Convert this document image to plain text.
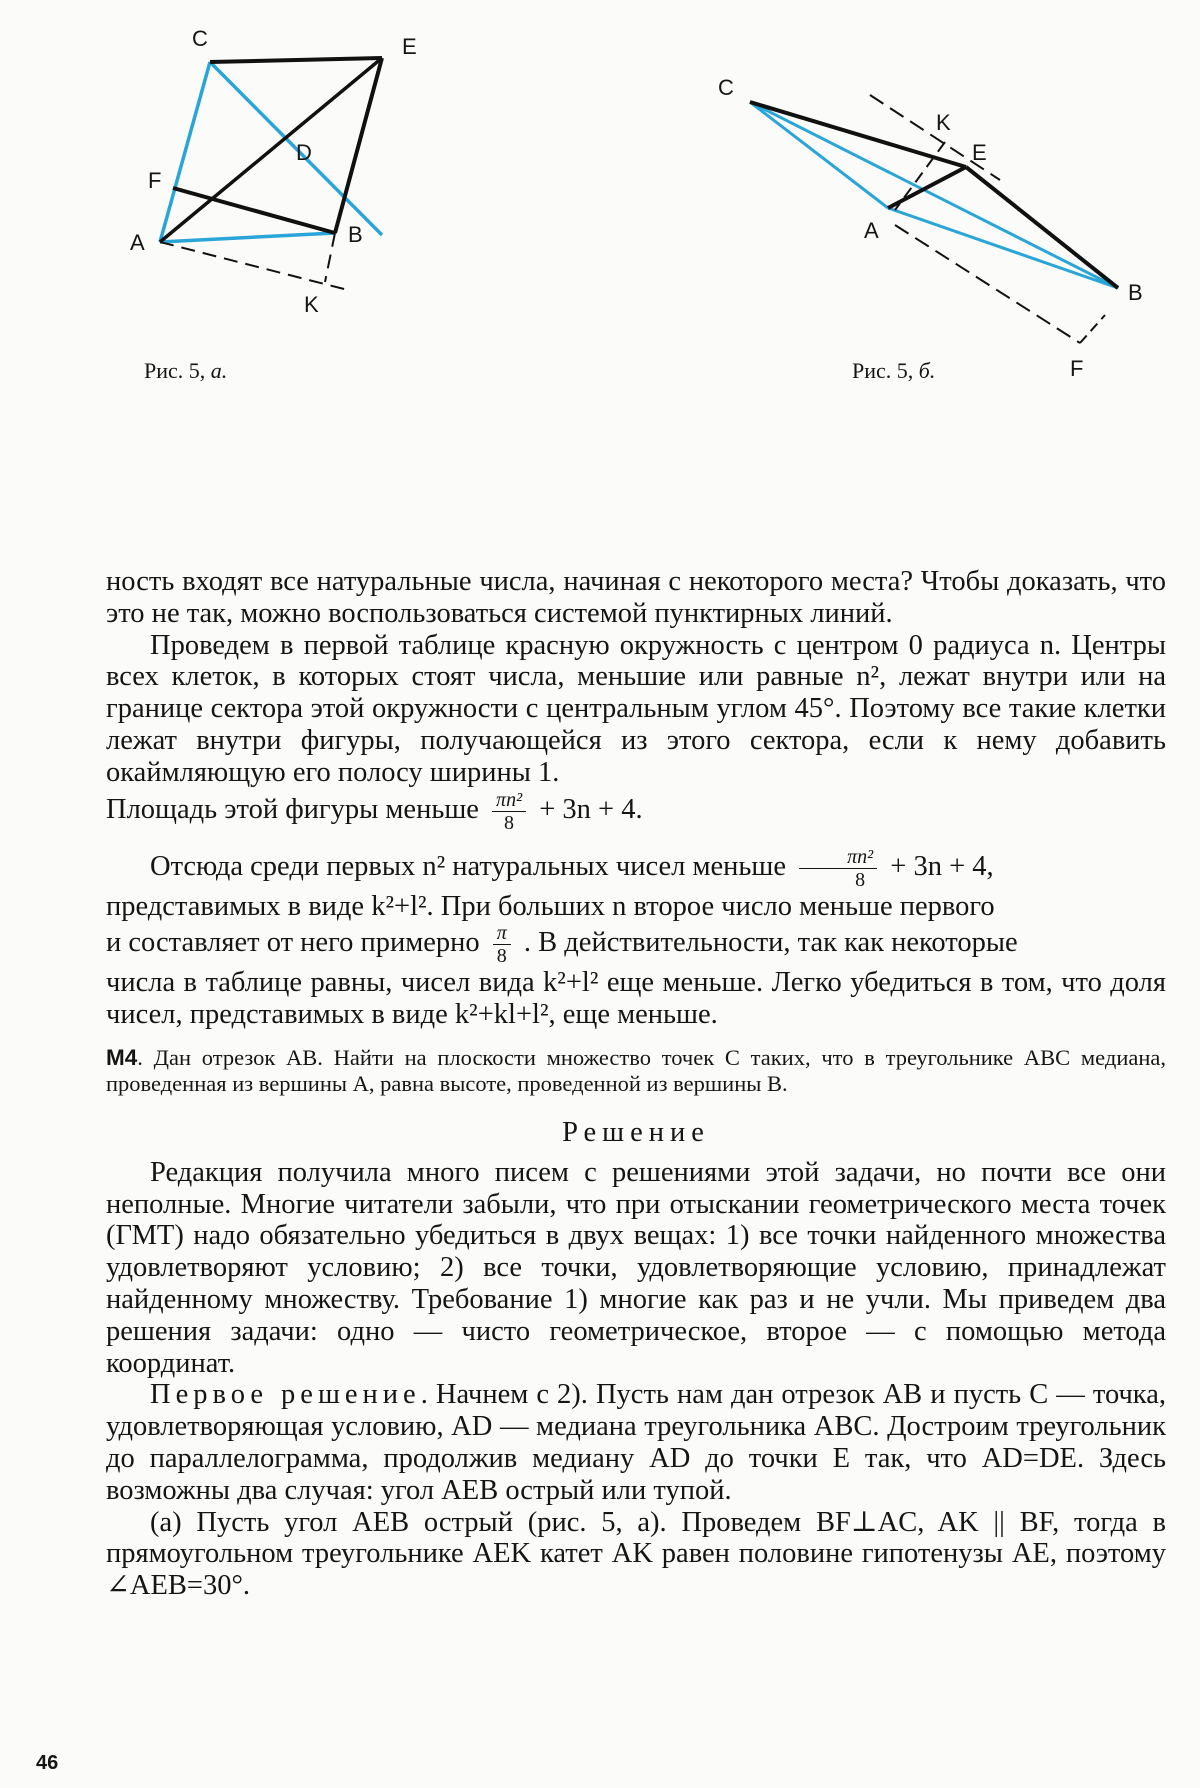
C	E
D
F
A	B
K
Рис. 5, а.
C
K
E
A
B
F
Рис. 5, б.

ность входят все натуральные числа, начиная с некоторого места? Чтобы доказать, что это не так, можно воспользоваться системой пунктирных линий.

Проведем в первой таблице красную окружность с центром 0 радиуса n. Центры всех клеток, в которых стоят числа, меньшие или равные n², лежат внутри или на границе сектора этой окружности с центральным углом 45°. Поэтому все такие клетки лежат внутри фигуры, получающейся из этого сектора, если к нему добавить окаймляющую его полосу ширины 1.

Площадь этой фигуры меньше $\frac{\text{πn²}}{8} + 3n + 4$.

Отсюда среди первых n² натуральных чисел меньше $\frac{\text{πn²}}{8} + 3n + 4$,

представимых в виде k²+l². При больших n второе число меньше первого

и составляет от него примерно $\frac{\pi}{8}$ . В действительности, так как некоторые

числа в таблице равны, чисел вида k²+l² еще меньше. Легко убедиться в том, что доля чисел, представимых в виде k²+kl+l², еще меньше.

М4. Дан отрезок AB. Найти на плоскости множество точек C таких, что в треугольнике ABC медиана, проведенная из вершины A, равна высоте, проведенной из вершины B.

Решение

Редакция получила много писем с решениями этой задачи, но почти все они неполные. Многие читатели забыли, что при отыскании геометрического места точек (ГМТ) надо обязательно убедиться в двух вещах: 1) все точки найденного множества удовлетворяют условию; 2) все точки, удовлетворяющие условию, принадлежат найденному множеству. Требование 1) многие как раз и не учли. Мы приведем два решения задачи: одно — чисто геометрическое, второе — с помощью метода координат.

Первое решение. Начнем с 2). Пусть нам дан отрезок AB и пусть C — точка, удовлетворяющая условию, AD — медиана треугольника ABC. Достроим треугольник до параллелограмма, продолжив медиану AD до точки E так, что AD=DE. Здесь возможны два случая: угол AEB острый или тупой.

(а) Пусть угол AEB острый (рис. 5, а). Проведем BF⊥AC, AK || BF, тогда в прямоугольном треугольнике AEK катет AK равен половине гипотенузы AE, поэтому ∠AEB=30°.

46
